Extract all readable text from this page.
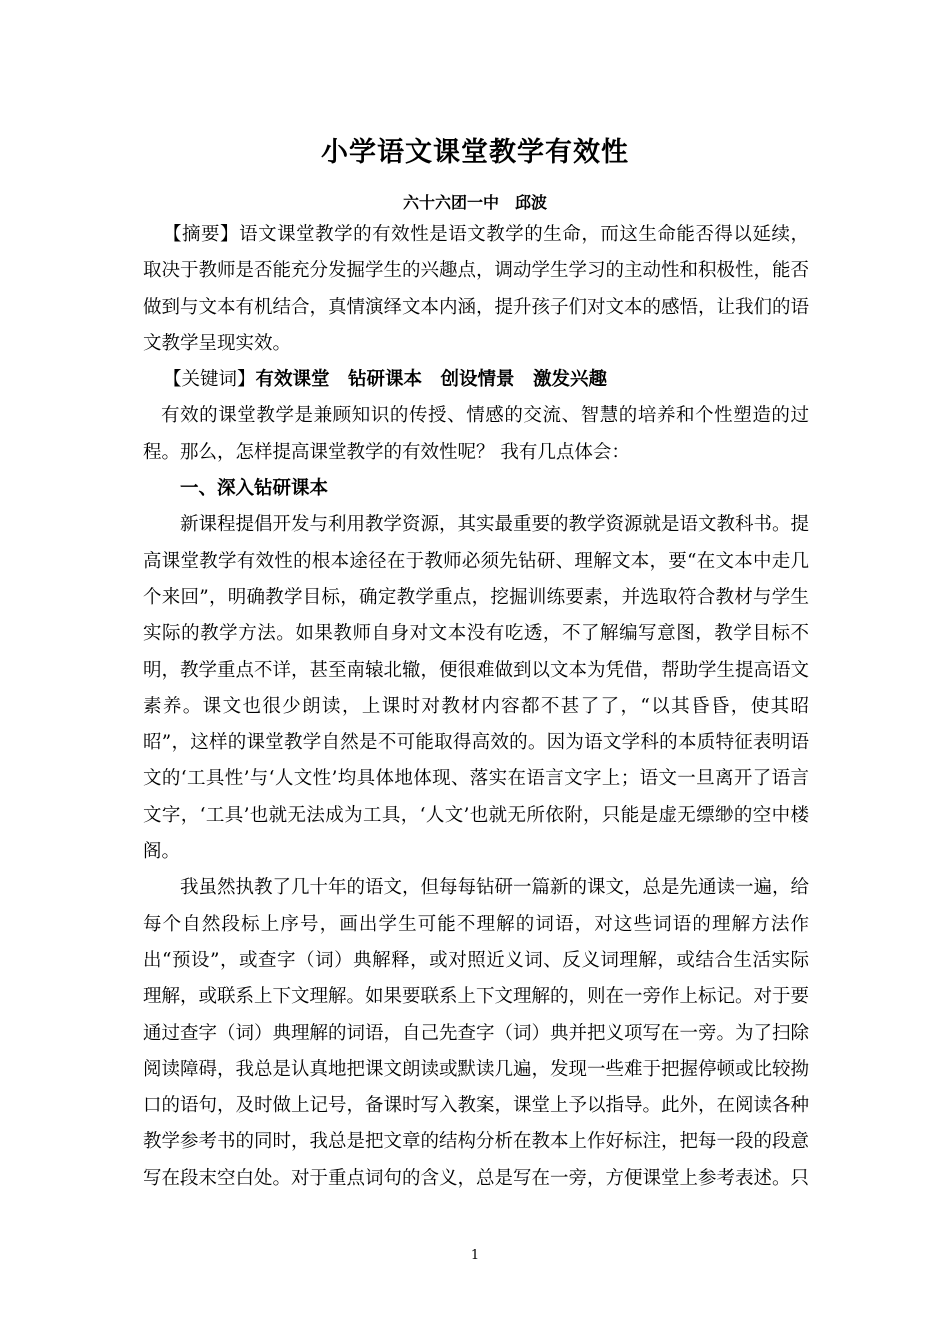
小学语文课堂教学有效性
六十六团一中　邱波

【摘要】语文课堂教学的有效性是语文教学的生命，而这生命能否得以延续，取决于教师是否能充分发掘学生的兴趣点，调动学生学习的主动性和积极性，能否做到与文本有机结合，真情演绎文本内涵，提升孩子们对文本的感悟，让我们的语文教学呈现实效。

【关键词】有效课堂　钻研课本　创设情景　激发兴趣

有效的课堂教学是兼顾知识的传授、情感的交流、智慧的培养和个性塑造的过程。那么，怎样提高课堂教学的有效性呢？ 我有几点体会：

一、深入钻研课本

新课程提倡开发与利用教学资源，其实最重要的教学资源就是语文教科书。提高课堂教学有效性的根本途径在于教师必须先钻研、理解文本，要“在文本中走几个来回”，明确教学目标，确定教学重点，挖掘训练要素，并选取符合教材与学生实际的教学方法。如果教师自身对文本没有吃透，不了解编写意图，教学目标不明，教学重点不详，甚至南辕北辙，便很难做到以文本为凭借，帮助学生提高语文素养。课文也很少朗读，上课时对教材内容都不甚了了，“以其昏昏，使其昭昭”，这样的课堂教学自然是不可能取得高效的。因为语文学科的本质特征表明语文的‘工具性’与‘人文性’均具体地体现、落实在语言文字上；语文一旦离开了语言文字，‘工具’也就无法成为工具，‘人文’也就无所依附，只能是虚无缥缈的空中楼阁。

我虽然执教了几十年的语文，但每每钻研一篇新的课文，总是先通读一遍，给每个自然段标上序号，画出学生可能不理解的词语，对这些词语的理解方法作出“预设”，或查字（词）典解释，或对照近义词、反义词理解，或结合生活实际理解，或联系上下文理解。如果要联系上下文理解的，则在一旁作上标记。对于要通过查字（词）典理解的词语，自己先查字（词）典并把义项写在一旁。为了扫除阅读障碍，我总是认真地把课文朗读或默读几遍，发现一些难于把握停顿或比较拗口的语句，及时做上记号，备课时写入教案，课堂上予以指导。此外，在阅读各种教学参考书的同时，我总是把文章的结构分析在教本上作好标注，把每一段的段意写在段末空白处。对于重点词句的含义，总是写在一旁，方便课堂上参考表述。只

1
